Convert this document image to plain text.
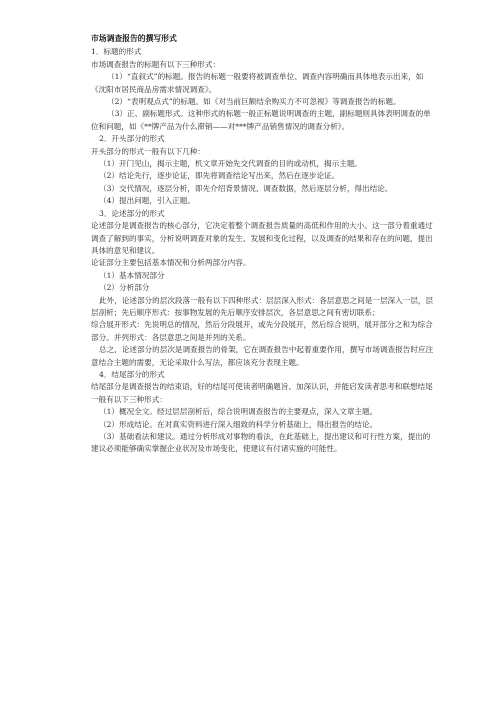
市场调查报告的撰写形式

1．标题的形式

市场调查报告的标题有以下三种形式：

（1）“直叙式”的标题。报告的标题一般要将被调查单位、调查内容明确而具体地表示出来，如《沈阳市居民商品房需求情况调查》。

（2）“表明观点式”的标题。如《对当前巨额结余购买力不可忽视》等调查报告的标题。

（3）正、副标题形式。这种形式的标题一般正标题说明调查的主题，副标题则具体表明调查的单位和问题，如《**牌产品为什么滞销——对***牌产品销售情况的调查分析》。

2．开头部分的形式

开头部分的形式一般有以下几种：

（1）开门见山，揭示主题，机文章开始先交代调查的目的或动机，揭示主题。

（2）结论先行，逐步论证，即先将调查结论写出来，然后在逐步论证。

（3）交代情况，逐层分析，即先介绍背景情况、调查数据，然后逐层分析，得出结论。

（4）提出问题，引入正题。

3．论述部分的形式

论述部分是调查报告的核心部分，它决定着整个调查报告质量的高低和作用的大小。这一部分着重通过调查了解到的事实，分析说明调查对象的发生、发展和变化过程，以及调查的结果和存在的问题，提出具体的意见和建议。

论证部分主要包括基本情况和分析两部分内容。

（1）基本情况部分

（2）分析部分

此外，论述部分的层次段落一般有以下四种形式：层层深入形式：各层意思之间是一层深入一层，层层剖析；先后顺序形式：按事物发展的先后顺序安排层次，各层意思之间有密切联系；

综合展开形式：先说明总的情况，然后分段展开，或先分段展开，然后综合说明，展开部分之和为综合部分。并列形式：各层意思之间是并列的关系。

总之，论述部分的层次是调查报告的骨架，它在调查报告中起着重要作用，撰写市场调查报告时应注意结合主题的需要，无论采取什么写法，都应该充分表现主题。

4．结尾部分的形式

结尾部分是调查报告的结束语，好的结尾可使读者明确题旨、加深认识，并能启发读者思考和联想结尾一般有以下三种形式：

（1）概况全文。经过层层剖析后，综合说明调查报告的主要观点，深入文章主题。

（2）形成结论。在对真实资料进行深入细致的科学分析基础上，得出报告的结论。

（3）基础看法和建议。通过分析形成对事物的看法，在此基础上，提出建议和可行性方案，提出的建议必须能够确实掌握企业状况及市场变化，使建议有付诸实施的可能性。
